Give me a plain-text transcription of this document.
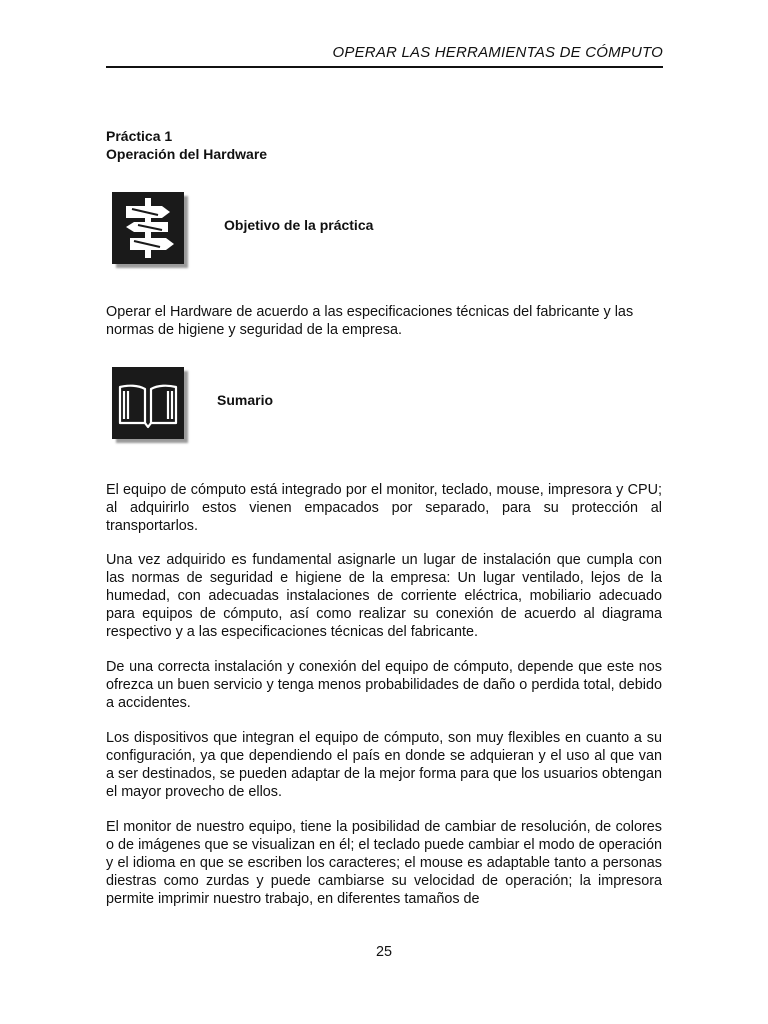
OPERAR LAS HERRAMIENTAS DE CÓMPUTO
Práctica 1
Operación del Hardware
Objetivo de la práctica

Operar el Hardware de acuerdo a las especificaciones técnicas del fabricante y las normas de higiene y seguridad de la empresa.

Sumario

El equipo de cómputo está integrado por el monitor, teclado, mouse, impresora y CPU; al adquirirlo estos vienen empacados por separado, para su protección al transportarlos.

Una vez adquirido es fundamental asignarle un lugar de instalación que cumpla con las normas de seguridad e higiene de la empresa: Un lugar ventilado, lejos de la humedad, con adecuadas instalaciones de corriente eléctrica, mobiliario adecuado para equipos de cómputo, así como realizar su conexión de acuerdo al diagrama respectivo y a las especificaciones técnicas del fabricante.

De una correcta instalación y conexión del equipo de cómputo, depende que este nos ofrezca un buen servicio y tenga menos probabilidades de daño o perdida total, debido a accidentes.

Los dispositivos que integran el equipo de cómputo, son muy flexibles en cuanto a su configuración, ya que dependiendo el país en donde se adquieran y el uso al que van a ser destinados, se pueden adaptar de la mejor forma para que los usuarios obtengan el mayor provecho de ellos.

El monitor de nuestro equipo, tiene la posibilidad de cambiar de resolución, de colores o de imágenes que se visualizan en él; el teclado puede cambiar el modo de operación y el idioma en que se escriben los caracteres; el mouse es adaptable tanto a personas diestras como zurdas y puede cambiarse su velocidad de operación; la impresora permite imprimir nuestro trabajo, en diferentes tamaños de

25
